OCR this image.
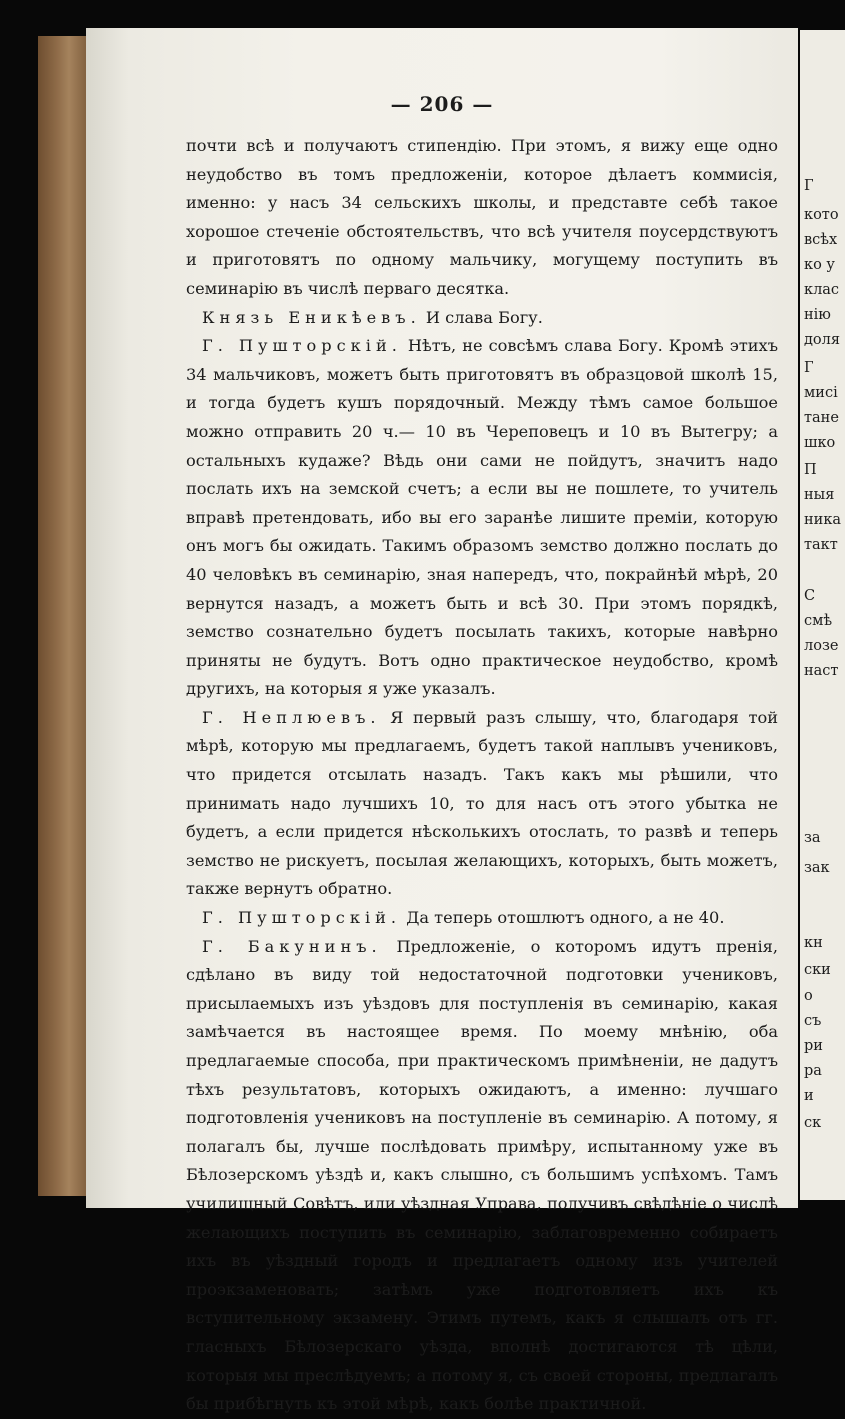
— 206 —

почти всѣ и получаютъ стипендію. При этомъ, я вижу еще одно неудобство въ томъ предложеніи, которое дѣлаетъ коммисія, именно: у насъ 34 сельскихъ школы, и представте себѣ такое хорошое стеченіе обстоятельствъ, что всѣ учителя поусердствуютъ и приготовятъ по одному мальчику, могущему поступить въ семинарію въ числѣ перваго десятка.

Князь Еникѣевъ. И слава Богу.

Г. Пушторскій. Нѣтъ, не совсѣмъ слава Богу. Кромѣ этихъ 34 мальчиковъ, можетъ быть приготовятъ въ образцовой школѣ 15, и тогда будетъ кушъ порядочный. Между тѣмъ самое большое можно отправить 20 ч.— 10 въ Череповецъ и 10 въ Вытегру; а остальныхъ кудаже? Вѣдь они сами не пойдутъ, значитъ надо послать ихъ на земской счетъ; а если вы не пошлете, то учитель вправѣ претендовать, ибо вы его заранѣе лишите премiи, которую онъ могъ бы ожидать. Такимъ образомъ земство должно послать до 40 человѣкъ въ семинарію, зная напередъ, что, покрайнѣй мѣрѣ, 20 вернутся назадъ, а можетъ быть и всѣ 30. При этомъ порядкѣ, земство сознательно будетъ посылать такихъ, которые навѣрно приняты не будутъ. Вотъ одно практическое неудобство, кромѣ другихъ, на которыя я уже указалъ.

Г. Неплюевъ. Я первый разъ слышу, что, благодаря той мѣрѣ, которую мы предлагаемъ, будетъ такой наплывъ учениковъ, что придется отсылать назадъ. Такъ какъ мы рѣшили, что принимать надо лучшихъ 10, то для насъ отъ этого убытка не будетъ, а если придется нѣсколькихъ отослать, то развѣ и теперь земство не рискуетъ, посылая желающихъ, которыхъ, быть можетъ, также вернутъ обратно.

Г. Пушторскій. Да теперь отошлютъ одного, а не 40.

Г. Бакунинъ. Предложеніе, о которомъ идутъ пренія, сдѣлано въ виду той недостаточной подготовки учениковъ, присылаемыхъ изъ уѣздовъ для поступленія въ семинарію, какая замѣчается въ настоящее время. По моему мнѣнію, оба предлагаемые способа, при практическомъ примѣненіи, не дадутъ тѣхъ результатовъ, которыхъ ожидаютъ, а именно: лучшаго подготовленія учениковъ на поступленіе въ семинарію. А потому, я полагалъ бы, лучше послѣдовать примѣру, испытанному уже въ Бѣлозерскомъ уѣздѣ и, какъ слышно, съ большимъ успѣхомъ. Тамъ училищный Совѣтъ, или уѣздная Управа, получивъ свѣдѣніе о числѣ желающихъ поступить въ семинарію, заблаговременно собираетъ ихъ въ уѣздный городъ и предлагаетъ одному изъ учителей проэкзаменовать; затѣмъ уже подготовляетъ ихъ къ вступительному экзамену. Этимъ путемъ, какъ я слышалъ отъ гг. гласныхъ Бѣлозерскаго уѣзда, вполнѣ достигаются тѣ цѣли, которыя мы преслѣдуемъ; а потому я, съ своей стороны, предлагалъ бы прибѣгнуть къ этой мѣрѣ, какъ болѣе практичной.

Г
кото
всѣх
ко у
клас
нію
доля
Г
мисі
тане
шко
П
ныя
ника
такт
С
смѣ
лозе
наст
за
зак
кн
ски
о
съ
ри
ра
и
ск
